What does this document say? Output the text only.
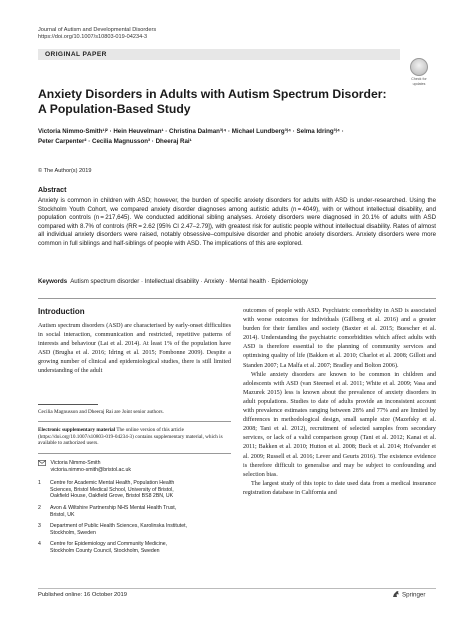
Journal of Autism and Developmental Disorders
https://doi.org/10.1007/s10803-019-04234-3
ORIGINAL PAPER
Check for
updates
Anxiety Disorders in Adults with Autism Spectrum Disorder:
A Population-Based Study
Victoria Nimmo-Smith¹ʲ² · Hein Heuvelman¹ · Christina Dalman³ʲ⁴ · Michael Lundberg³ʲ⁴ · Selma Idring³ʲ⁴ ·
Peter Carpenter² · Cecilia Magnusson³ · Dheeraj Rai¹
© The Author(s) 2019
Abstract
Anxiety is common in children with ASD; however, the burden of specific anxiety disorders for adults with ASD is under-researched. Using the Stockholm Youth Cohort, we compared anxiety disorder diagnoses among autistic adults (n = 4049), with or without intellectual disability, and population controls (n = 217,645). We conducted additional sibling analyses. Anxiety disorders were diagnosed in 20.1% of adults with ASD compared with 8.7% of controls (RR = 2.62 [95% CI 2.47–2.79]), with greatest risk for autistic people without intellectual disability. Rates of almost all individual anxiety disorders were raised, notably obsessive–compulsive disorder and phobic anxiety disorders. Anxiety disorders were more common in full siblings and half-siblings of people with ASD. The implications of this are explored.
Keywords Autism spectrum disorder · Intellectual disability · Anxiety · Mental health · Epidemiology
Introduction

Autism spectrum disorders (ASD) are characterised by early-onset difficulties in social interaction, communication and restricted, repetitive patterns of interests and behaviour (Lai et al. 2014). At least 1% of the population have ASD (Brugha et al. 2016; Idring et al. 2015; Fombonne 2009). Despite a growing number of clinical and epidemiological studies, there is still limited understanding of the adult

outcomes of people with ASD. Psychiatric comorbidity in ASD is associated with worse outcomes for individuals (Gillberg et al. 2016) and a greater burden for their families and society (Baxter et al. 2015; Buescher et al. 2014). Understanding the psychiatric comorbidities which affect adults with ASD is therefore essential to the planning of community services and optimising quality of life (Bakken et al. 2010; Charlot et al. 2008; Gillott and Standen 2007; La Malfa et al. 2007; Bradley and Bolton 2006).

While anxiety disorders are known to be common in children and adolescents with ASD (van Steensel et al. 2011; White et al. 2009; Vasa and Mazurek 2015) less is known about the prevalence of anxiety disorders in adult populations. Studies to date of adults provide an inconsistent account with prevalence estimates ranging between 28% and 77% and are limited by differences in methodological design, small sample size (Mazefsky et al. 2008; Tani et al. 2012), recruitment of selected samples from secondary services, or lack of a valid comparison group (Tani et al. 2012; Kanai et al. 2011; Bakken et al. 2010; Hutton et al. 2008; Buck et al. 2014; Hofvander et al. 2009; Russell et al. 2016; Lever and Geurts 2016). The existence evidence is therefore difficult to generalise and may be subject to confounding and selection bias.

The largest study of this topic to date used data from a medical insurance registration database in California and

Cecilia Magnusson and Dheeraj Rai are Joint senior authors.
Electronic supplementary material The online version of this article (https://doi.org/10.1007/s10803-019-04234-3) contains supplementary material, which is available to authorized users.

Victoria Nimmo-Smith
victoria.nimmo-smith@bristol.ac.uk
1 Centre for Academic Mental Health, Population Health
Sciences, Bristol Medical School, University of Bristol,
Oakfield House, Oakfield Grove, Bristol BS8 2BN, UK
2 Avon & Wiltshire Partnership NHS Mental Health Trust,
Bristol, UK
3 Department of Public Health Sciences, Karolinska Institutet,
Stockholm, Sweden
4 Centre for Epidemiology and Community Medicine,
Stockholm County Council, Stockholm, Sweden
Published online: 16 October 2019	Springer
